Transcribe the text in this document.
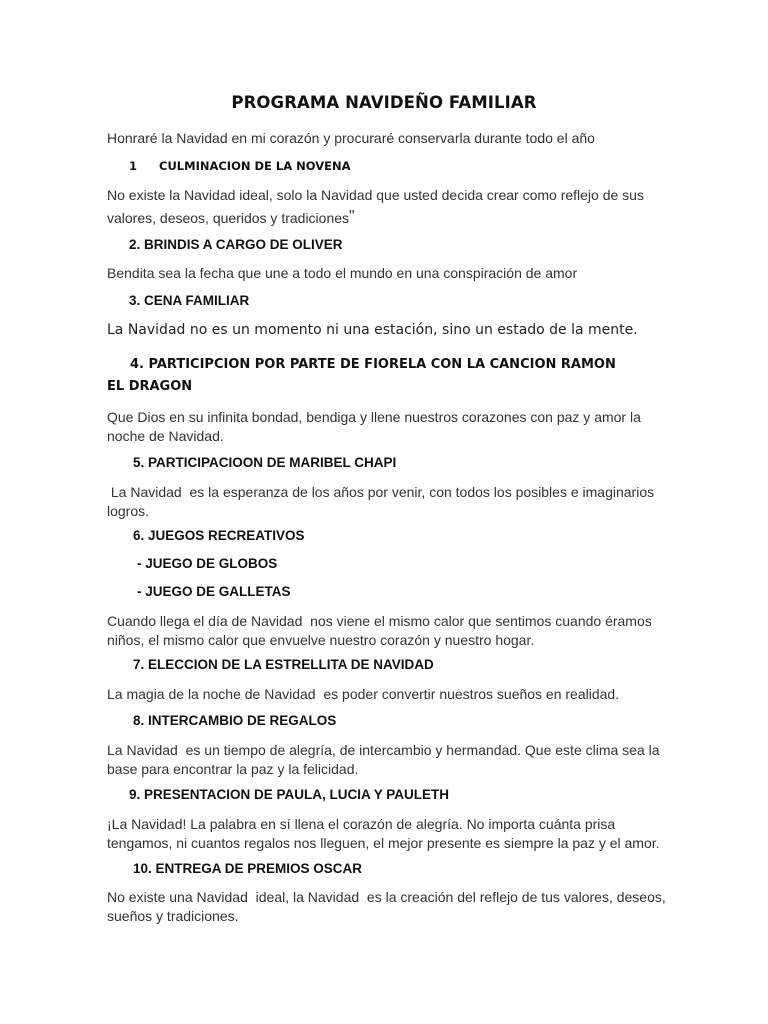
PROGRAMA NAVIDEÑO FAMILIAR
Honraré la Navidad en mi corazón y procuraré conservarla durante todo el año
1 CULMINACION DE LA NOVENA
No existe la Navidad ideal, solo la Navidad que usted decida crear como reflejo de sus valores, deseos, queridos y tradiciones"
2. BRINDIS A CARGO DE OLIVER
Bendita sea la fecha que une a todo el mundo en una conspiración de amor
3. CENA FAMILIAR
La Navidad no es un momento ni una estación, sino un estado de la mente.
4. PARTICIPCION POR PARTE DE FIORELA CON LA CANCION RAMON EL DRAGON
Que Dios en su infinita bondad, bendiga y llene nuestros corazones con paz y amor la noche de Navidad.
5. PARTICIPACIOON DE MARIBEL CHAPI
La Navidad  es la esperanza de los años por venir, con todos los posibles e imaginarios logros.
6. JUEGOS RECREATIVOS
- JUEGO DE GLOBOS
- JUEGO DE GALLETAS
Cuando llega el día de Navidad  nos viene el mismo calor que sentimos cuando éramos niños, el mismo calor que envuelve nuestro corazón y nuestro hogar.
7. ELECCION DE LA ESTRELLITA DE NAVIDAD
La magia de la noche de Navidad  es poder convertir nuestros sueños en realidad.
8. INTERCAMBIO DE REGALOS
La Navidad  es un tiempo de alegría, de intercambio y hermandad. Que este clima sea la base para encontrar la paz y la felicidad.
9. PRESENTACION DE PAULA, LUCIA Y PAULETH
¡La Navidad! La palabra en sí llena el corazón de alegría. No importa cuánta prisa tengamos, ni cuantos regalos nos lleguen, el mejor presente es siempre la paz y el amor.
10. ENTREGA DE PREMIOS OSCAR
No existe una Navidad  ideal, la Navidad  es la creación del reflejo de tus valores, deseos, sueños y tradiciones.
